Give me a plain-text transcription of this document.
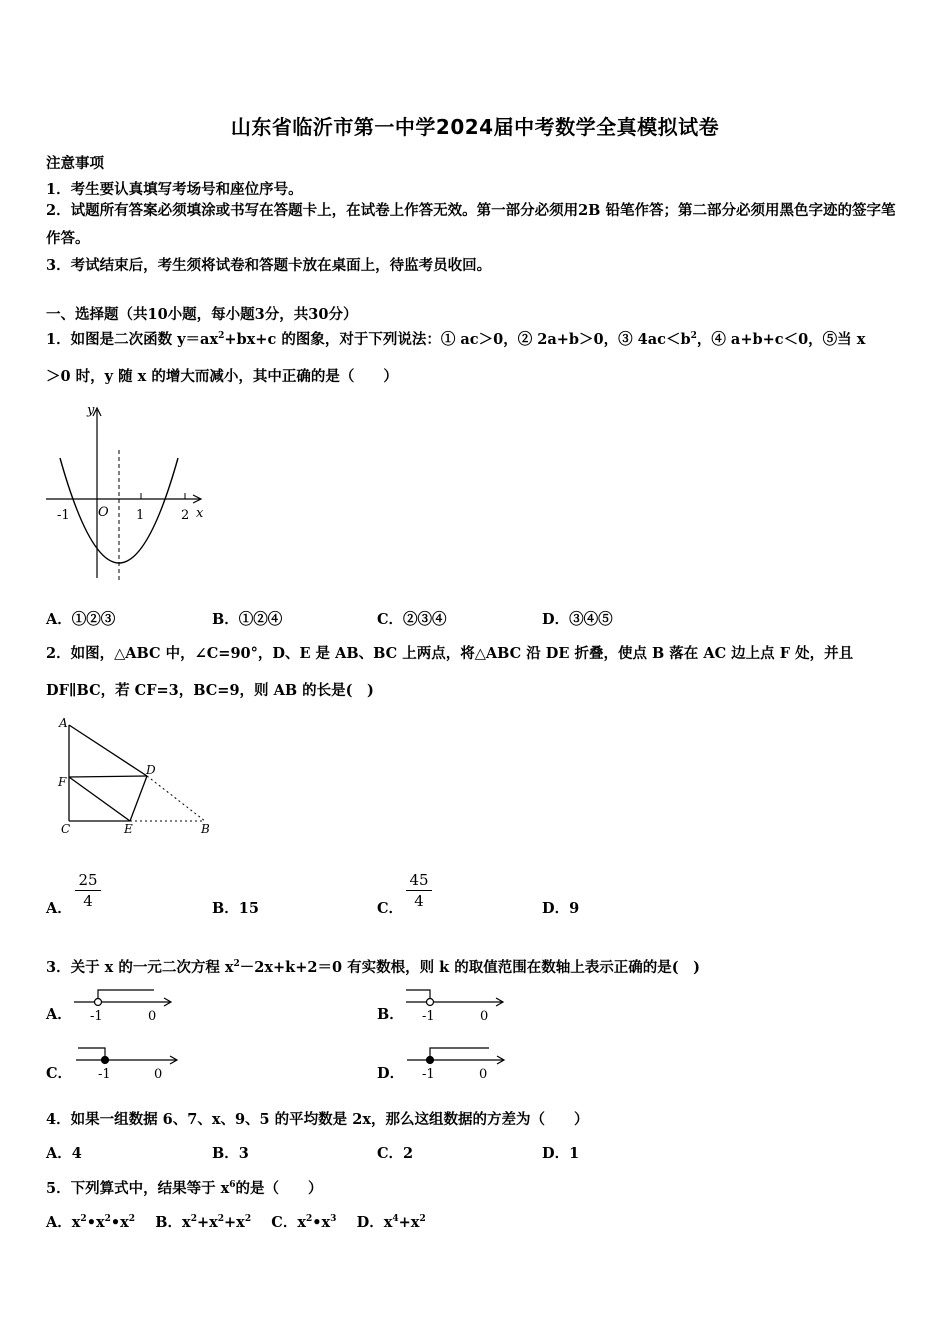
山东省临沂市第一中学2024届中考数学全真模拟试卷
注意事项
1．考生要认真填写考场号和座位序号。
2．试题所有答案必须填涂或书写在答题卡上，在试卷上作答无效。第一部分必须用2B 铅笔作答；第二部分必须用黑色字迹的签字笔作答。
3．考试结束后，考生须将试卷和答题卡放在桌面上，待监考员收回。
一、选择题（共10小题，每小题3分，共30分）
1．如图是二次函数 $y=ax^2+bx+c$ 的图象，对于下列说法：① ac＞0，② 2a+b＞0，③ $4ac<b^2$，④ a+b+c＜0，⑤当 x
＞0 时，y 随 x 的增大而减小，其中正确的是（　　）
y
x
O
-1	1	2
A．①②③	B．①②④	C．②③④	D．③④⑤
2．如图，△ABC 中，∠C=90°，D、E 是 AB、BC 上两点，将△ABC 沿 DE 折叠，使点 B 落在 AC 边上点 F 处，并且
DF∥BC，若 CF=3，BC=9，则 AB 的长是(　)
A
D
F
C	E	B
A． $\frac{25}{4}$	B．15	C． $\frac{45}{4}$	D．9
3．关于 x 的一元二次方程 $x^2-2x+k+2=0$ 有实数根，则 k 的取值范围在数轴上表示正确的是(　)
A． -1	0	B． -1	0
C． -1	0	D． -1	0
4．如果一组数据 6、7、x、9、5 的平均数是 2x，那么这组数据的方差为（　　）
A．4	B．3	C．2	D．1
5．下列算式中，结果等于 $x^6$的是（　　）
A．$x^2•x^2•x^2$ B．$x^2+x^2+x^2$ C．$x^2•x^3$ D．$x^4+x^2$
